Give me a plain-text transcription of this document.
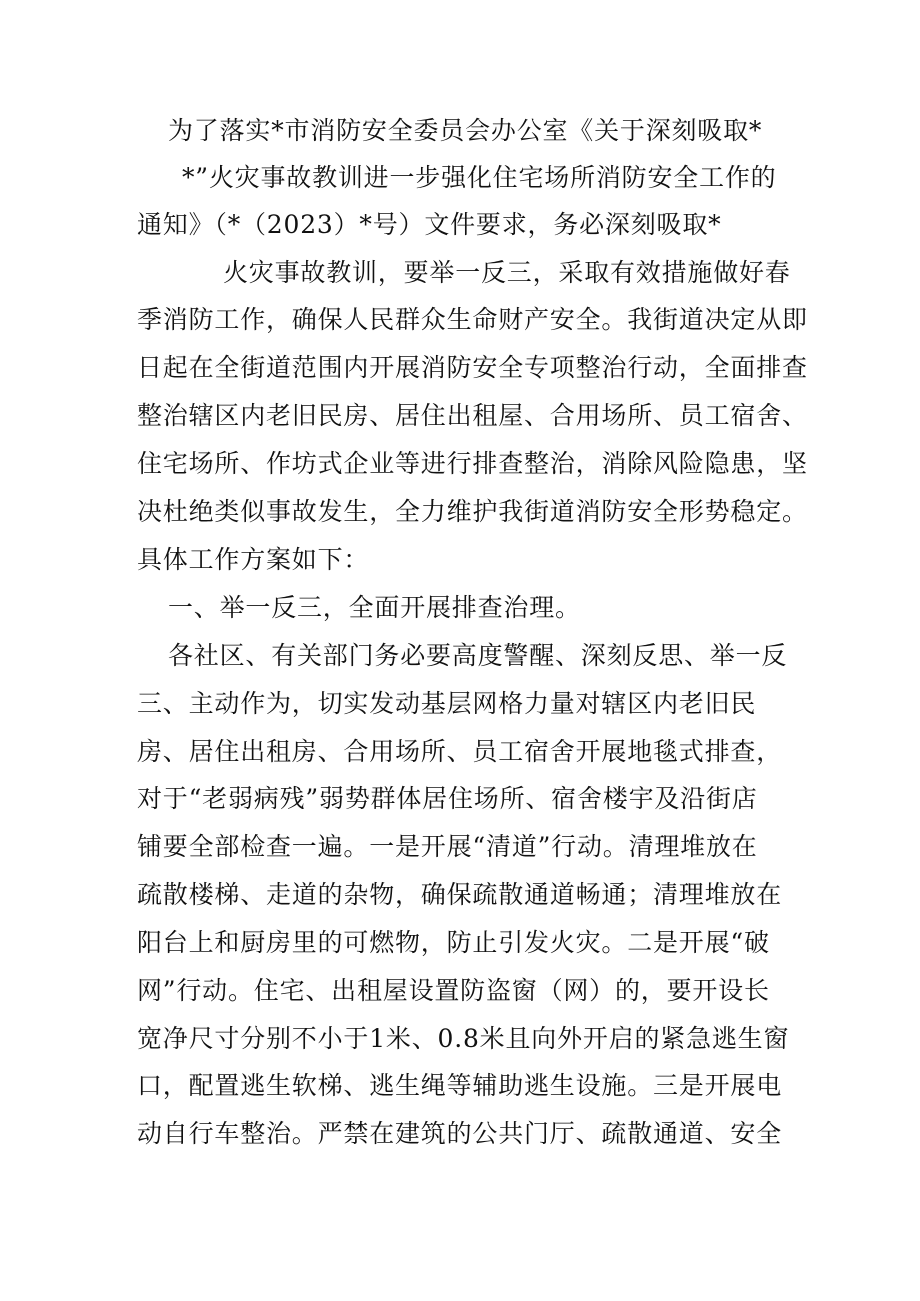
为了落实*市消防安全委员会办公室《关于深刻吸取*

*”火灾事故教训进一步强化住宅场所消防安全工作的

通知》（*（2023）*号）文件要求，务必深刻吸取*

火灾事故教训，要举一反三，采取有效措施做好春

季消防工作，确保人民群众生命财产安全。我街道决定从即

日起在全街道范围内开展消防安全专项整治行动，全面排查

整治辖区内老旧民房、居住出租屋、合用场所、员工宿舍、

住宅场所、作坊式企业等进行排查整治，消除风险隐患，坚

决杜绝类似事故发生，全力维护我街道消防安全形势稳定。

具体工作方案如下：

一、举一反三，全面开展排查治理。

各社区、有关部门务必要高度警醒、深刻反思、举一反

三、主动作为，切实发动基层网格力量对辖区内老旧民

房、居住出租房、合用场所、员工宿舍开展地毯式排查，

对于“老弱病残”弱势群体居住场所、宿舍楼宇及沿街店

铺要全部检查一遍。一是开展“清道”行动。清理堆放在

疏散楼梯、走道的杂物，确保疏散通道畅通；清理堆放在

阳台上和厨房里的可燃物，防止引发火灾。二是开展“破

网”行动。住宅、出租屋设置防盗窗（网）的，要开设长

宽净尺寸分别不小于1米、0.8米且向外开启的紧急逃生窗

口，配置逃生软梯、逃生绳等辅助逃生设施。三是开展电

动自行车整治。严禁在建筑的公共门厅、疏散通道、安全
